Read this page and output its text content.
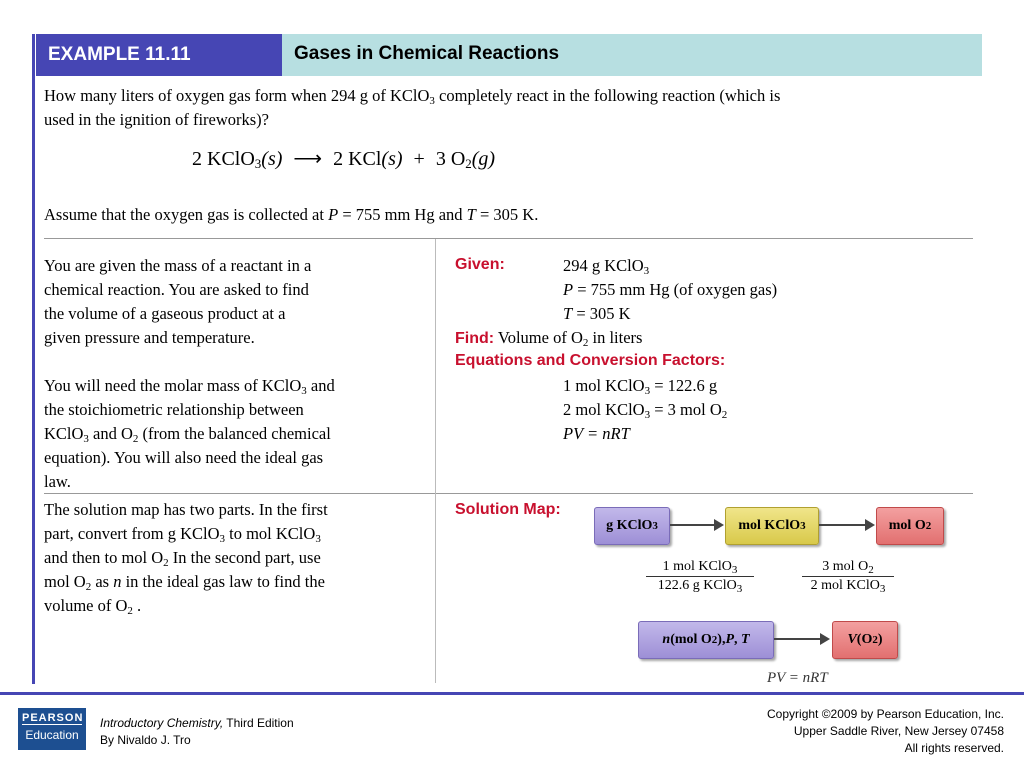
EXAMPLE 11.11	Gases in Chemical Reactions
How many liters of oxygen gas form when 294 g of KClO$_3$ completely react in the following reaction (which is
used in the ignition of fireworks)?
2 KClO$_3$(s) ⟶ 2 KCl(s) + 3 $O_2(g)$
Assume that the oxygen gas is collected at P = 755 mm Hg and T = 305 K.
You are given the mass of a reactant in a
chemical reaction. You are asked to find
the volume of a gaseous product at a
given pressure and temperature.
You will need the molar mass of KClO$_3$ and
the stoichiometric relationship between
KClO$_3$ and $O_2$ (from the balanced chemical
equation). You will also need the ideal gas
law.
Given:	294 g KClO$_3$
P = 755 mm Hg (of oxygen gas)
T = 305 K
Find: Volume of $O_2$ in liters
Equations and Conversion Factors:
1 mol KClO$_3$ = 122.6 g
2 mol KClO$_3$ = 3 mol $O_2$
PV = nRT
The solution map has two parts. In the first
part, convert from g KClO$_3$ to mol KClO$_3$
and then to mol $O_2$ In the second part, use
mol $O_2$ as n in the ideal gas law to find the
volume of $O_2$ .
Solution Map:
g KClO 3	mol KClO 3	mol O 2
1 mol KClO$_3$
122.6 g KClO$_3$
3 mol $O_2$
2 mol KClO$_3$
n (mol O 2 ), P , T	V (O 2 )
PV = nRT
PEARSON
Education
Introductory Chemistry, Third Edition
By Nivaldo J. Tro
Copyright ©2009 by Pearson Education, Inc.
Upper Saddle River, New Jersey 07458
All rights reserved.
